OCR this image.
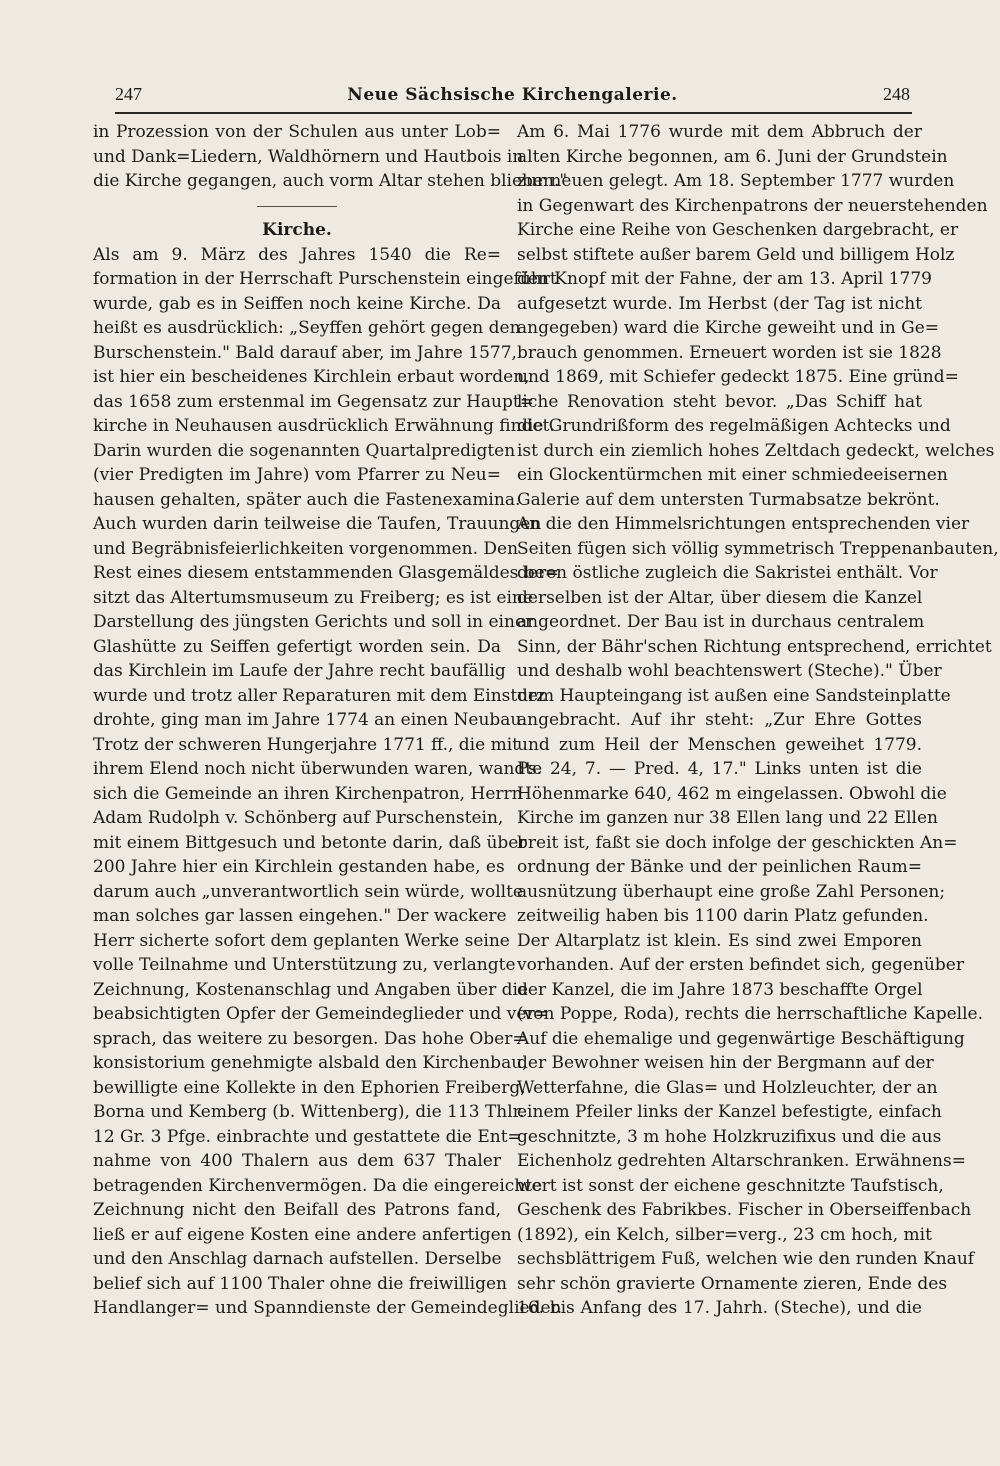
247	Neue Sächsische Kirchengalerie.	248
in Prozession von der Schulen aus unter Lob=
und Dank=Liedern, Waldhörnern und Hautbois in
die Kirche gegangen, auch vorm Altar stehen blieben."
Kirche.
Als am 9. März des Jahres 1540 die Re=
formation in der Herrschaft Purschenstein eingeführt
wurde, gab es in Seiffen noch keine Kirche. Da
heißt es ausdrücklich: „Seyffen gehört gegen den
Burschenstein." Bald darauf aber, im Jahre 1577,
ist hier ein bescheidenes Kirchlein erbaut worden,
das 1658 zum erstenmal im Gegensatz zur Haupt=
kirche in Neuhausen ausdrücklich Erwähnung findet.
Darin wurden die sogenannten Quartalpredigten
(vier Predigten im Jahre) vom Pfarrer zu Neu=
hausen gehalten, später auch die Fastenexamina.
Auch wurden darin teilweise die Taufen, Trauungen
und Begräbnisfeierlichkeiten vorgenommen. Den
Rest eines diesem entstammenden Glasgemäldes be=
sitzt das Altertumsmuseum zu Freiberg; es ist eine
Darstellung des jüngsten Gerichts und soll in einer
Glashütte zu Seiffen gefertigt worden sein. Da
das Kirchlein im Laufe der Jahre recht baufällig
wurde und trotz aller Reparaturen mit dem Einsturz
drohte, ging man im Jahre 1774 an einen Neubau.
Trotz der schweren Hungerjahre 1771 ff., die mit
ihrem Elend noch nicht überwunden waren, wandte
sich die Gemeinde an ihren Kirchenpatron, Herrn
Adam Rudolph v. Schönberg auf Purschenstein,
mit einem Bittgesuch und betonte darin, daß über
200 Jahre hier ein Kirchlein gestanden habe, es
darum auch „unverantwortlich sein würde, wollte
man solches gar lassen eingehen." Der wackere
Herr sicherte sofort dem geplanten Werke seine
volle Teilnahme und Unterstützung zu, verlangte
Zeichnung, Kostenanschlag und Angaben über die
beabsichtigten Opfer der Gemeindeglieder und ver=
sprach, das weitere zu besorgen. Das hohe Ober=
konsistorium genehmigte alsbald den Kirchenbau,
bewilligte eine Kollekte in den Ephorien Freiberg,
Borna und Kemberg (b. Wittenberg), die 113 Thlr.
12 Gr. 3 Pfge. einbrachte und gestattete die Ent=
nahme von 400 Thalern aus dem 637 Thaler
betragenden Kirchenvermögen. Da die eingereichte
Zeichnung nicht den Beifall des Patrons fand,
ließ er auf eigene Kosten eine andere anfertigen
und den Anschlag darnach aufstellen. Derselbe
belief sich auf 1100 Thaler ohne die freiwilligen
Handlanger= und Spanndienste der Gemeindeglieder.
Am 6. Mai 1776 wurde mit dem Abbruch der
alten Kirche begonnen, am 6. Juni der Grundstein
zur neuen gelegt. Am 18. September 1777 wurden
in Gegenwart des Kirchenpatrons der neuerstehenden
Kirche eine Reihe von Geschenken dargebracht, er
selbst stiftete außer barem Geld und billigem Holz
den Knopf mit der Fahne, der am 13. April 1779
aufgesetzt wurde. Im Herbst (der Tag ist nicht
angegeben) ward die Kirche geweiht und in Ge=
brauch genommen. Erneuert worden ist sie 1828
und 1869, mit Schiefer gedeckt 1875. Eine gründ=
liche Renovation steht bevor. „Das Schiff hat
die Grundrißform des regelmäßigen Achtecks und
ist durch ein ziemlich hohes Zeltdach gedeckt, welches
ein Glockentürmchen mit einer schmiedeeisernen
Galerie auf dem untersten Turmabsatze bekrönt.
An die den Himmelsrichtungen entsprechenden vier
Seiten fügen sich völlig symmetrisch Treppenanbauten,
deren östliche zugleich die Sakristei enthält. Vor
derselben ist der Altar, über diesem die Kanzel
angeordnet. Der Bau ist in durchaus centralem
Sinn, der Bähr'schen Richtung entsprechend, errichtet
und deshalb wohl beachtenswert (Steche)." Über
dem Haupteingang ist außen eine Sandsteinplatte
angebracht. Auf ihr steht: „Zur Ehre Gottes
und zum Heil der Menschen geweihet 1779.
Ps. 24, 7. — Pred. 4, 17." Links unten ist die
Höhenmarke 640, 462 m eingelassen. Obwohl die
Kirche im ganzen nur 38 Ellen lang und 22 Ellen
breit ist, faßt sie doch infolge der geschickten An=
ordnung der Bänke und der peinlichen Raum=
ausnützung überhaupt eine große Zahl Personen;
zeitweilig haben bis 1100 darin Platz gefunden.
Der Altarplatz ist klein. Es sind zwei Emporen
vorhanden. Auf der ersten befindet sich, gegenüber
der Kanzel, die im Jahre 1873 beschaffte Orgel
(von Poppe, Roda), rechts die herrschaftliche Kapelle.
Auf die ehemalige und gegenwärtige Beschäftigung
der Bewohner weisen hin der Bergmann auf der
Wetterfahne, die Glas= und Holzleuchter, der an
einem Pfeiler links der Kanzel befestigte, einfach
geschnitzte, 3 m hohe Holzkruzifixus und die aus
Eichenholz gedrehten Altarschranken. Erwähnens=
wert ist sonst der eichene geschnitzte Taufstisch,
Geschenk des Fabrikbes. Fischer in Oberseiffenbach
(1892), ein Kelch, silber=verg., 23 cm hoch, mit
sechsblättrigem Fuß, welchen wie den runden Knauf
sehr schön gravierte Ornamente zieren, Ende des
16. bis Anfang des 17. Jahrh. (Steche), und die
